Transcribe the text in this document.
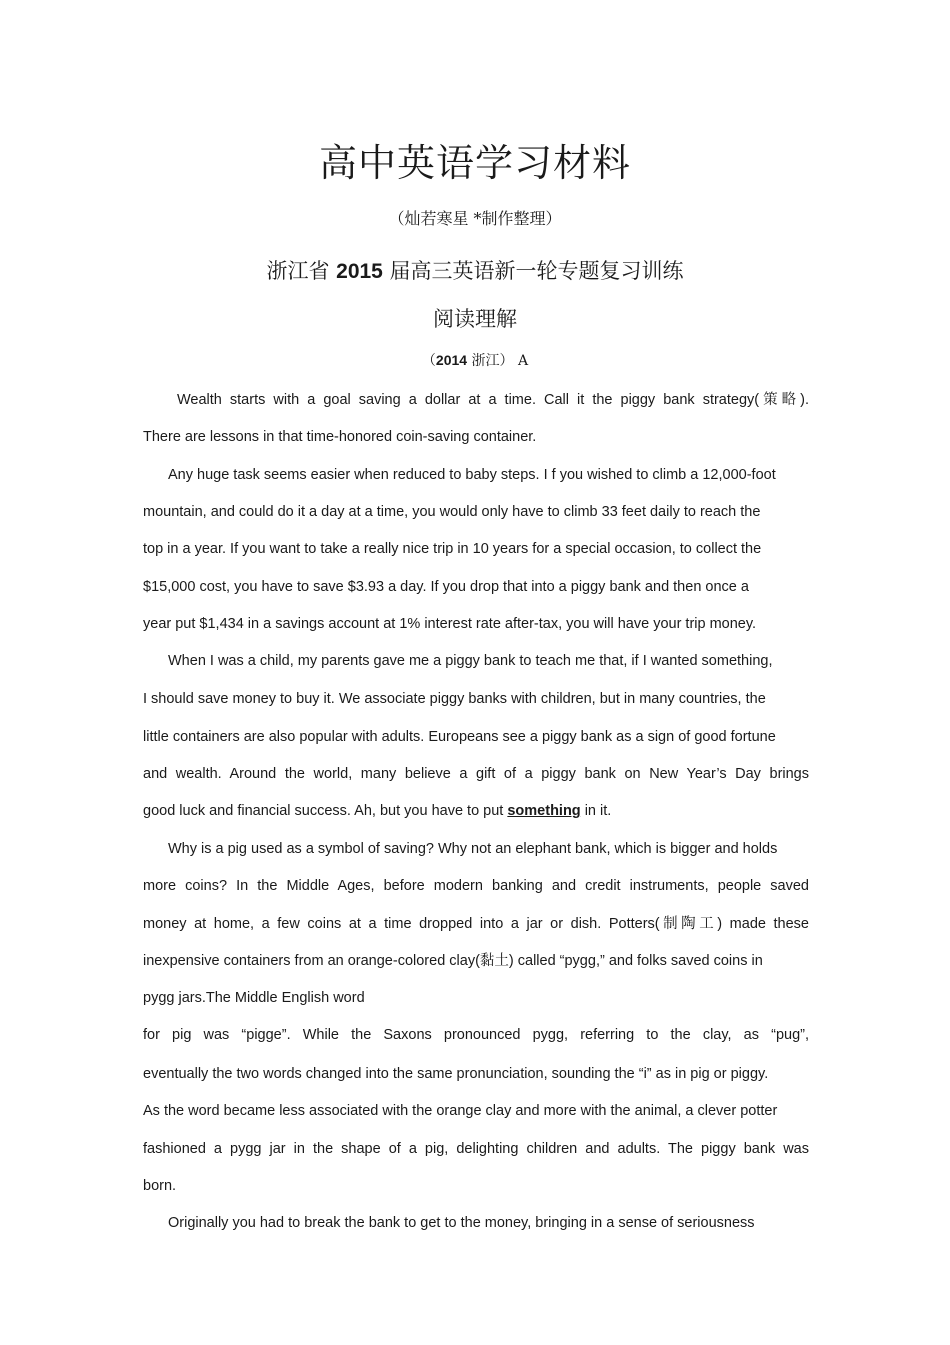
高中英语学习材料
（灿若寒星 *制作整理）
浙江省 2015 届高三英语新一轮专题复习训练
阅读理解
（2014 浙江） A
Wealth starts with a goal saving a dollar at a time. Call it the piggy bank strategy(策略).
There are lessons in that time-honored coin-saving container.
Any huge task seems easier when reduced to baby steps. I f you wished to climb a 12,000-foot
mountain, and could do it a day at a time, you would only have to climb 33 feet daily to reach the
top in a year. If you want to take a really nice trip in 10 years for a special occasion, to collect the
$15,000 cost, you have to save $3.93 a day. If you drop that into a piggy bank and then once a
year put $1,434 in a savings account at 1% interest rate after-tax, you will have your trip money.
When I was a child, my parents gave me a piggy bank to teach me that, if I wanted something,
I should save money to buy it. We associate piggy banks with children, but in many countries, the
little containers are also popular with adults. Europeans see a piggy bank as a sign of good fortune
and wealth. Around the world, many believe a gift of a piggy bank on New Year’s Day brings
good luck and financial success. Ah, but you have to put something in it.
Why is a pig used as a symbol of saving? Why not an elephant bank, which is bigger and holds
more coins? In the Middle Ages, before modern banking and credit instruments, people saved
money at home, a few coins at a time dropped into a jar or dish. Potters(制陶工) made these
inexpensive containers from an orange-colored clay(黏土) called “pygg,” and folks saved coins in
pygg jars.The Middle English word
for pig was “pigge”. While the Saxons pronounced pygg, referring to the clay, as “pug”,
eventually the two words changed into the same pronunciation, sounding the “i” as in pig or piggy.
As the word became less associated with the orange clay and more with the animal, a clever potter
fashioned a pygg jar in the shape of a pig, delighting children and adults. The piggy bank was
born.
Originally you had to break the bank to get to the money, bringing in a sense of seriousness
